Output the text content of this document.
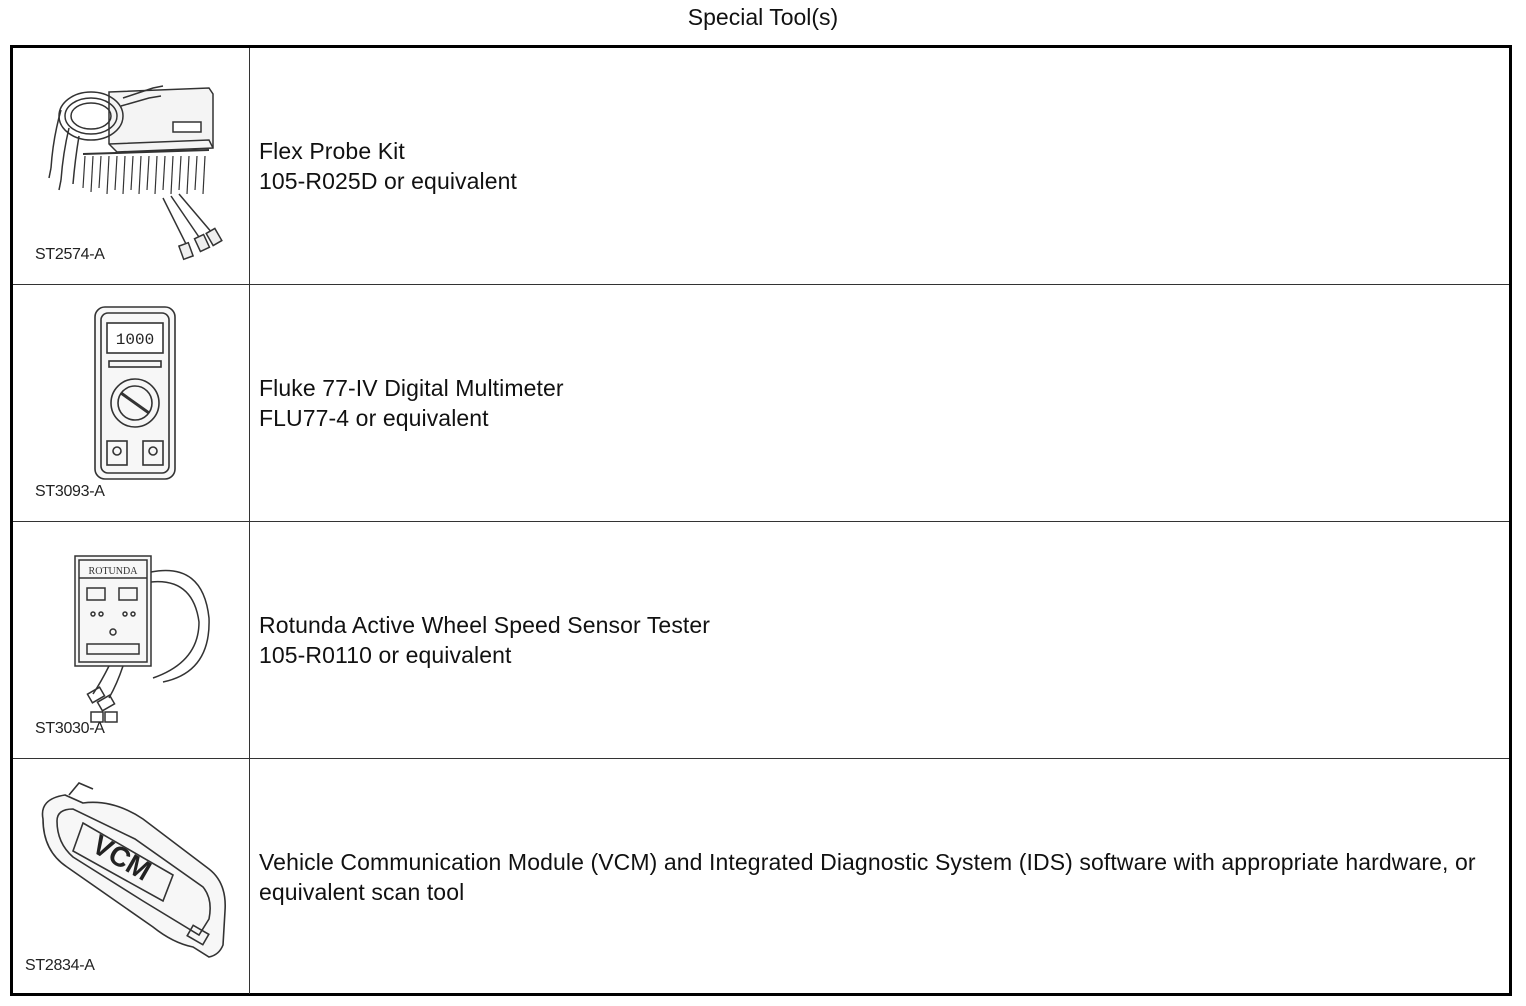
Special Tool(s)
ST2574-A
Flex Probe Kit
105-R025D or equivalent
1000
ST3093-A
Fluke 77-IV Digital Multimeter
FLU77-4 or equivalent
ROTUNDA
ST3030-A
Rotunda Active Wheel Speed Sensor Tester
105-R0110 or equivalent
VCM
ST2834-A
Vehicle Communication Module (VCM) and Integrated Diagnostic System (IDS) software with appropriate hardware, or equivalent scan tool
